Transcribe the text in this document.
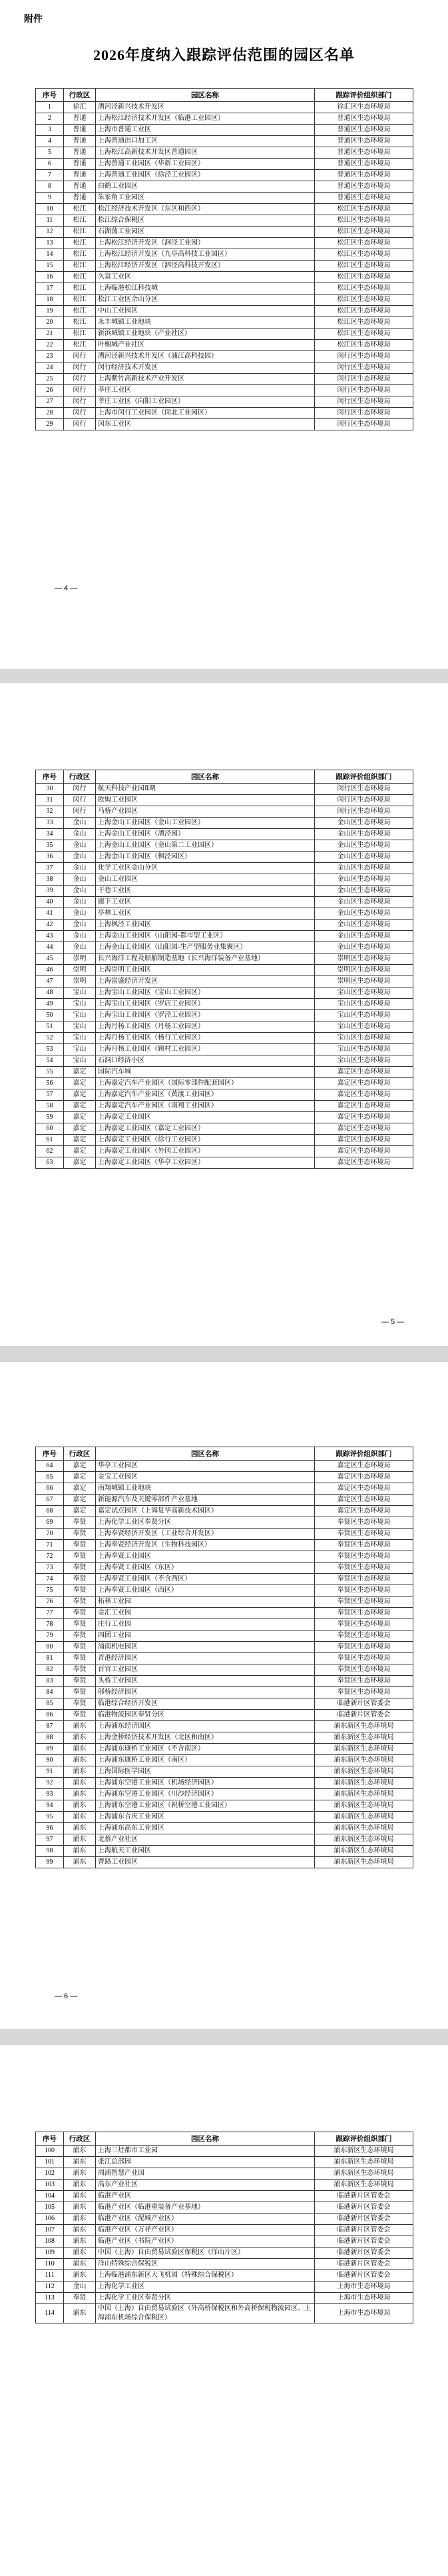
附件
2026年度纳入跟踪评估范围的园区名单
序号	行政区	园区名称	跟踪评价组织部门
1	徐汇	漕河泾新兴技术开发区	徐汇区生态环境局
2	普通	上海松江经济技术开发区（临港工业园区）	普通区生态环境局
3	普通	上海市普通工业区	普通区生态环境局
4	普通	上海普通出口加工区	普通区生态环境局
5	普通	上海松江高新技术开发区普通园区	普通区生态环境局
6	普通	上海普通工业园区（华新工业园区）	普通区生态环境局
7	普通	上海普通工业园区（徐泾工业园区）	普通区生态环境局
8	普通	白鹤工业园区	普通区生态环境局
9	普通	朱家角工业园区	普通区生态环境局
10	松江	松江经济技术开发区（东区和西区）	松江区生态环境局
11	松江	松江综合保税区	松江区生态环境局
12	松江	石湖荡工业园区	松江区生态环境局
13	松江	上海松江经济开发区（洞泾工业园）	松江区生态环境局
14	松江	上海松江经济开发区（九亭高科技工业园区）	松江区生态环境局
15	松江	上海松江经济开发区（泗泾高科技开发区）	松江区生态环境局
16	松江	久富工业区	松江区生态环境局
17	松江	上海临港松江科技城	松江区生态环境局
18	松江	松江工业区佘山分区	松江区生态环境局
19	松江	中山工业园区	松江区生态环境局
20	松江	永丰城镇工业地块	松江区生态环境局
21	松江	新浜城镇工业地块（产业社区）	松江区生态环境局
22	松江	叶榭城产业社区	松江区生态环境局
23	闵行	漕河泾新兴技术开发区（浦江高科技园）	闵行区生态环境局
24	闵行	闵行经济技术开发区	闵行区生态环境局
25	闵行	上海紫竹高新技术产业开发区	闵行区生态环境局
26	闵行	莘庄工业区	闵行区生态环境局
27	闵行	莘庄工业区（向阳工业园区）	闵行区生态环境局
28	闵行	上海市闵行工业园区（闵北工业园区）	闵行区生态环境局
29	闵行	闵东工业区	闵行区生态环境局
— 4 —
序号	行政区	园区名称	跟踪评价组织部门
30	闵行	航天科技产业园Ⅱ期	闵行区生态环境局
31	闵行	欧姆工业园区	闵行区生态环境局
32	闵行	马桥产业园区	闵行区生态环境局
33	金山	上海金山工业园区（金山工业园区）	金山区生态环境局
34	金山	上海金山工业园区（漕泾园）	金山区生态环境局
35	金山	上海金山工业园区（金山第二工业园区）	金山区生态环境局
36	金山	上海金山工业园区（枫泾园区）	金山区生态环境局
37	金山	化学工业区金山分区	金山区生态环境局
38	金山	金山工业园区	金山区生态环境局
39	金山	干巷工业区	金山区生态环境局
40	金山	廊下工业区	金山区生态环境局
41	金山	亭林工业区	金山区生态环境局
42	金山	上海枫泾工业园区	金山区生态环境局
43	金山	上海金山工业园区（山阳园-都市型工业区）	金山区生态环境局
44	金山	上海金山工业园区（山阳园-生产型服务业集聚区）	金山区生态环境局
45	崇明	长兴海洋工程及船舶制造基地（长兴海洋装备产业基地）	崇明区生态环境局
46	崇明	上海崇明工业园区	崇明区生态环境局
47	崇明	上海富盛经济开发区	崇明区生态环境局
48	宝山	上海宝山工业园区（宝山工业园区）	宝山区生态环境局
49	宝山	上海宝山工业园区（罗店工业园区）	宝山区生态环境局
50	宝山	上海宝山工业园区（罗泾工业园区）	宝山区生态环境局
51	宝山	上海月杨工业园区（月杨工业园区）	宝山区生态环境局
52	宝山	上海月杨工业园区（杨行工业园区）	宝山区生态环境局
53	宝山	上海月杨工业园区（顾村工业园区）	宝山区生态环境局
54	宝山	石洞口经济小区	宝山区生态环境局
55	嘉定	国际汽车城	嘉定区生态环境局
56	嘉定	上海嘉定汽车产业园区（国际零部件配套园区）	嘉定区生态环境局
57	嘉定	上海嘉定汽车产业园区（黄渡工业园区）	嘉定区生态环境局
58	嘉定	上海嘉定汽车产业园区（南翔工业园区）	嘉定区生态环境局
59	嘉定	上海嘉定工业园区	嘉定区生态环境局
60	嘉定	上海嘉定工业园区（嘉定工业园区）	嘉定区生态环境局
61	嘉定	上海嘉定工业园区（徐行工业园区）	嘉定区生态环境局
62	嘉定	上海嘉定工业园区（外冈工业园区）	嘉定区生态环境局
63	嘉定	上海嘉定工业园区（华亭工业园区）	嘉定区生态环境局
— 5 —
序号	行政区	园区名称	跟踪评价组织部门
64	嘉定	华亭工业园区	嘉定区生态环境局
65	嘉定	金宝工业园区	嘉定区生态环境局
66	嘉定	南翔城镇工业地块	嘉定区生态环境局
67	嘉定	新能源汽车及关键零部件产业基地	嘉定区生态环境局
68	嘉定	嘉定试点园区（上海复华高新技术园区）	嘉定区生态环境局
69	奉贤	上海化学工业区奉贤分区	奉贤区生态环境局
70	奉贤	上海奉贤经济开发区（工业综合开发区）	奉贤区生态环境局
71	奉贤	上海奉贤经济开发区（生物科技园区）	奉贤区生态环境局
72	奉贤	上海奉贤工业园区	奉贤区生态环境局
73	奉贤	上海奉贤工业园区（东区）	奉贤区生态环境局
74	奉贤	上海奉贤工业园区（不含西区）	奉贤区生态环境局
75	奉贤	上海奉贤工业园区（西区）	奉贤区生态环境局
76	奉贤	柘林工业园	奉贤区生态环境局
77	奉贤	金汇工业园	奉贤区生态环境局
78	奉贤	庄行工业园	奉贤区生态环境局
79	奉贤	四团工业园	奉贤区生态环境局
80	奉贤	浦南机电园区	奉贤区生态环境局
81	奉贤	青港经济园区	奉贤区生态环境局
82	奉贤	百官工业园区	奉贤区生态环境局
83	奉贤	头桥工业园区	奉贤区生态环境局
84	奉贤	邬桥经济园区	奉贤区生态环境局
85	奉贤	临港综合经济开发区	临港新片区管委会
86	奉贤	临港物流园区奉贤分区	临港新片区管委会
87	浦东	上海浦东经济园区	浦东新区生态环境局
88	浦东	上海金桥经济技术开发区（北区和南区）	浦东新区生态环境局
89	浦东	上海浦东康桥工业园区（不含南区）	浦东新区生态环境局
90	浦东	上海浦东康桥工业园区（南区）	浦东新区生态环境局
91	浦东	上海国际医学园区	浦东新区生态环境局
92	浦东	上海浦东空港工业园区（机场经济园区）	浦东新区生态环境局
93	浦东	上海浦东空港工业园区（川沙经济园区）	浦东新区生态环境局
94	浦东	上海浦东空港工业园区（祝桥空港工业园区）	浦东新区生态环境局
95	浦东	上海浦东合庆工业园区	浦东新区生态环境局
96	浦东	上海浦东高东工业园区	浦东新区生态环境局
97	浦东	北蔡产业社区	浦东新区生态环境局
98	浦东	上海航天工业园区	浦东新区生态环境局
99	浦东	曹路工业园区	浦东新区生态环境局
— 6 —
序号	行政区	园区名称	跟踪评价组织部门
100	浦东	上海三灶都市工业园	浦东新区生态环境局
101	浦东	张江总部园	浦东新区生态环境局
102	浦东	周浦智慧产业园	浦东新区生态环境局
103	浦东	高东产业社区	浦东新区生态环境局
104	浦东	临港产业区	临港新片区管委会
105	浦东	临港产业区（临港重装备产业基地）	临港新片区管委会
106	浦东	临港产业区（泥城产业区）	临港新片区管委会
107	浦东	临港产业区（万祥产业区）	临港新片区管委会
108	浦东	临港产业区（书院产业区）	临港新片区管委会
109	浦东	中国（上海）自由贸易试验区保税区（洋山片区）	临港新片区管委会
110	浦东	洋山特殊综合保税区	临港新片区管委会
111	浦东	上海临港浦东新区大飞机园（特殊综合保税区）	临港新片区管委会
112	金山	上海化学工业区	上海市生态环境局
113	奉贤	上海化学工业区奉贤分区	上海市生态环境局
114	浦东	中国（上海）自由贸易试验区（外高桥保税区和外高桥保税物流园区、上海浦东机场综合保税区）	上海市生态环境局
